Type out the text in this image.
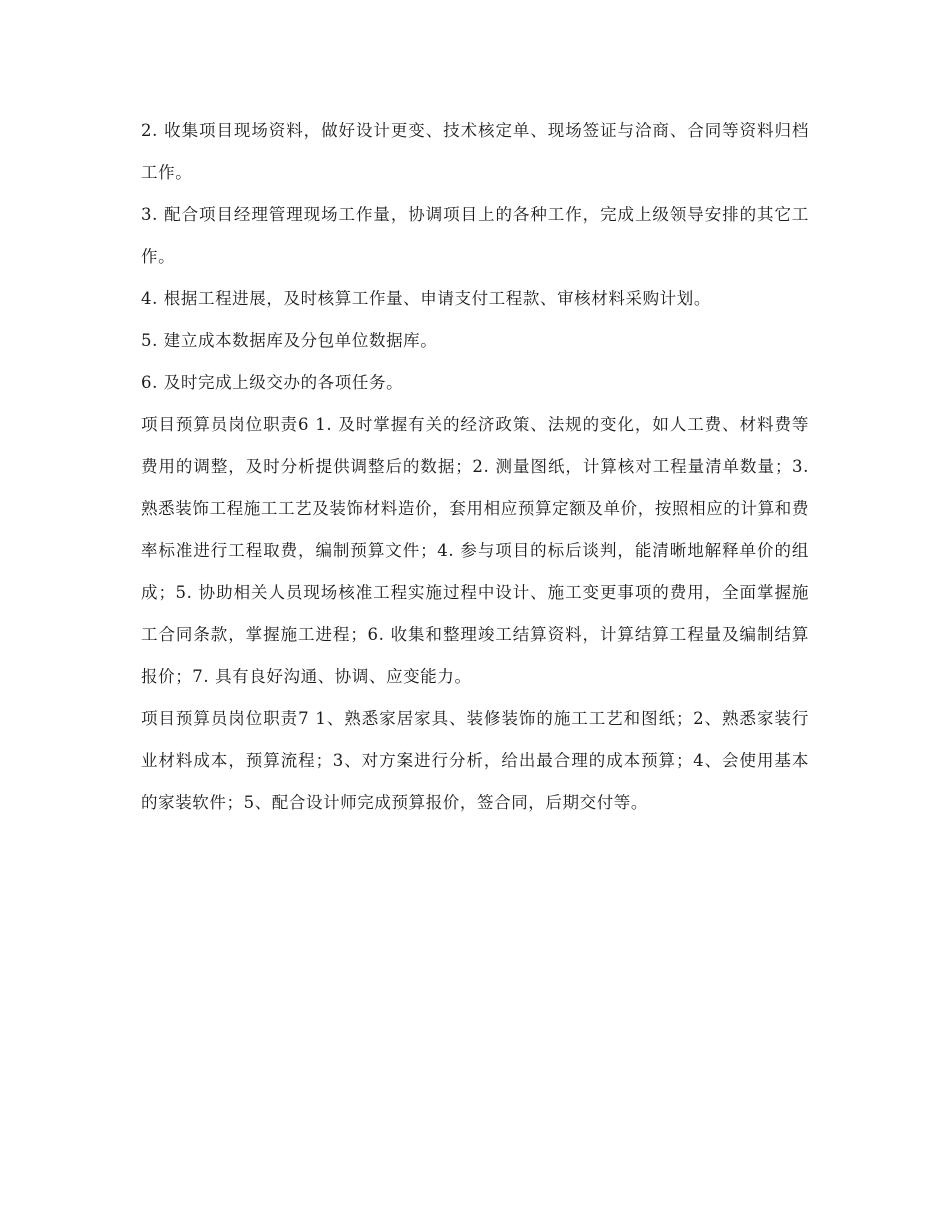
2. 收集项目现场资料，做好设计更变、技术核定单、现场签证与洽商、合同等资料归档工作。

3. 配合项目经理管理现场工作量，协调项目上的各种工作，完成上级领导安排的其它工作。

4. 根据工程进展，及时核算工作量、申请支付工程款、审核材料采购计划。

5. 建立成本数据库及分包单位数据库。

6. 及时完成上级交办的各项任务。

项目预算员岗位职责6 1. 及时掌握有关的经济政策、法规的变化，如人工费、材料费等费用的调整，及时分析提供调整后的数据；2. 测量图纸，计算核对工程量清单数量；3. 熟悉装饰工程施工工艺及装饰材料造价，套用相应预算定额及单价，按照相应的计算和费率标准进行工程取费，编制预算文件；4. 参与项目的标后谈判，能清晰地解释单价的组成；5. 协助相关人员现场核准工程实施过程中设计、施工变更事项的费用，全面掌握施工合同条款，掌握施工进程；6. 收集和整理竣工结算资料，计算结算工程量及编制结算报价；7. 具有良好沟通、协调、应变能力。

项目预算员岗位职责7 1、熟悉家居家具、装修装饰的施工工艺和图纸；2、熟悉家装行业材料成本，预算流程；3、对方案进行分析，给出最合理的成本预算；4、会使用基本的家装软件；5、配合设计师完成预算报价，签合同，后期交付等。
